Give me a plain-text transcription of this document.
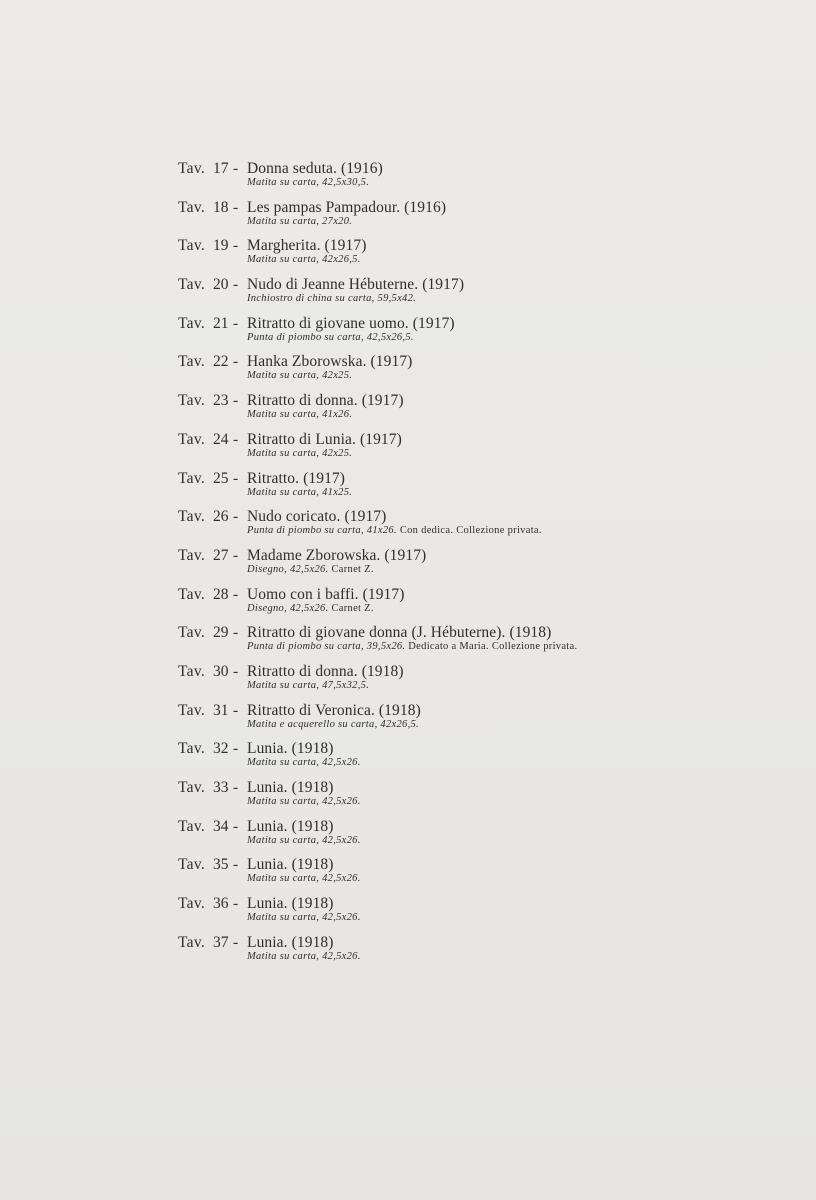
Tav. 17 - Donna seduta. (1916)
Matita su carta, 42,5x30,5.
Tav. 18 - Les pampas Pampadour. (1916)
Matita su carta, 27x20.
Tav. 19 - Margherita. (1917)
Matita su carta, 42x26,5.
Tav. 20 - Nudo di Jeanne Hébuterne. (1917)
Inchiostro di china su carta, 59,5x42.
Tav. 21 - Ritratto di giovane uomo. (1917)
Punta di piombo su carta, 42,5x26,5.
Tav. 22 - Hanka Zborowska. (1917)
Matita su carta, 42x25.
Tav. 23 - Ritratto di donna. (1917)
Matita su carta, 41x26.
Tav. 24 - Ritratto di Lunia. (1917)
Matita su carta, 42x25.
Tav. 25 - Ritratto. (1917)
Matita su carta, 41x25.
Tav. 26 - Nudo coricato. (1917)
Punta di piombo su carta, 41x26. Con dedica. Collezione privata.
Tav. 27 - Madame Zborowska. (1917)
Disegno, 42,5x26. Carnet Z.
Tav. 28 - Uomo con i baffi. (1917)
Disegno, 42,5x26. Carnet Z.
Tav. 29 - Ritratto di giovane donna (J. Hébuterne). (1918)
Punta di piombo su carta, 39,5x26. Dedicato a Maria. Collezione privata.
Tav. 30 - Ritratto di donna. (1918)
Matita su carta, 47,5x32,5.
Tav. 31 - Ritratto di Veronica. (1918)
Matita e acquerello su carta, 42x26,5.
Tav. 32 - Lunia. (1918)
Matita su carta, 42,5x26.
Tav. 33 - Lunia. (1918)
Matita su carta, 42,5x26.
Tav. 34 - Lunia. (1918)
Matita su carta, 42,5x26.
Tav. 35 - Lunia. (1918)
Matita su carta, 42,5x26.
Tav. 36 - Lunia. (1918)
Matita su carta, 42,5x26.
Tav. 37 - Lunia. (1918)
Matita su carta, 42,5x26.
